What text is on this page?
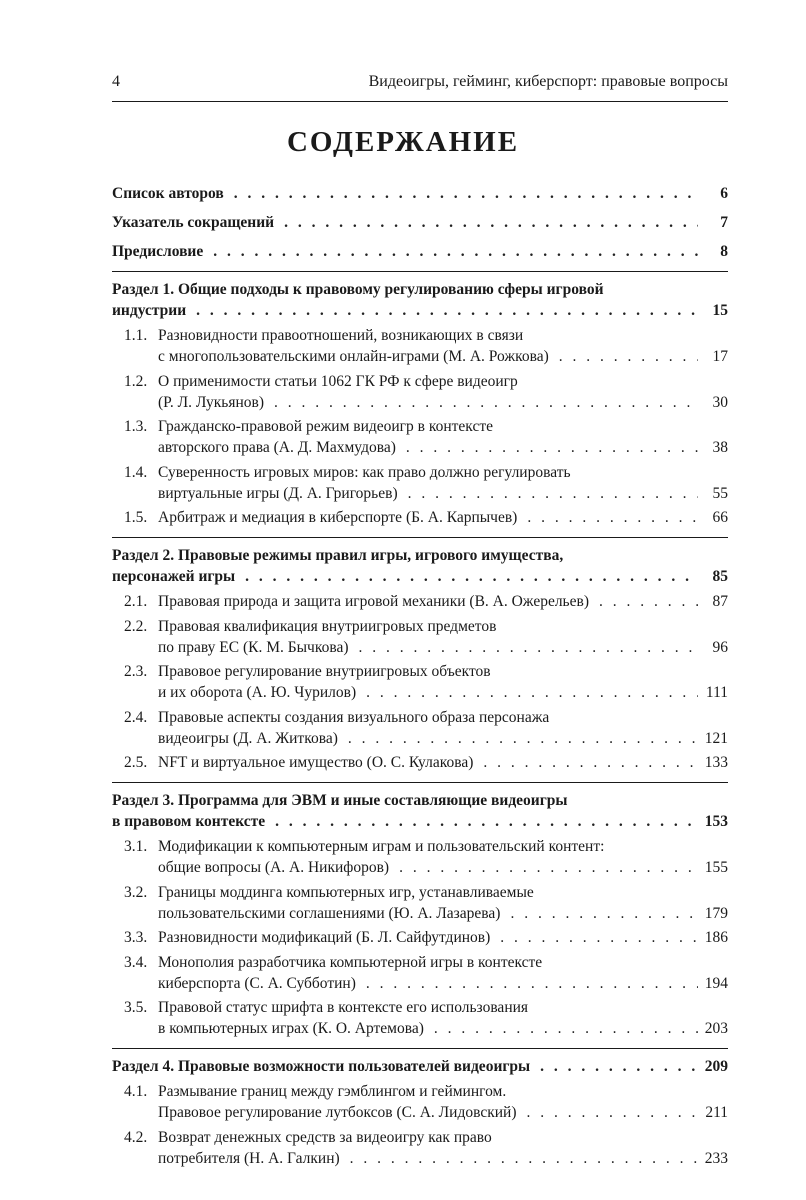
4	Видеоигры, гейминг, киберспорт: правовые вопросы
СОДЕРЖАНИЕ
Список авторов . . .	6
Указатель сокращений . . .	7
Предисловие . . .	8
Раздел 1. Общие подходы к правовому регулированию сферы игровой
индустрии . . .	15
1.1. Разновидности правоотношений, возникающих в связи
с многопользовательскими онлайн-играми (М. А. Рожкова) . . .	17
1.2. О применимости статьи 1062 ГК РФ к сфере видеоигр
(Р. Л. Лукьянов) . . .	30
1.3. Гражданско-правовой режим видеоигр в контексте
авторского права (А. Д. Махмудова) . . .	38
1.4. Суверенность игровых миров: как право должно регулировать
виртуальные игры (Д. А. Григорьев) . . .	55
1.5. Арбитраж и медиация в киберспорте (Б. А. Карпычев) . . .	66
Раздел 2. Правовые режимы правил игры, игрового имущества,
персонажей игры . . .	85
2.1. Правовая природа и защита игровой механики (В. А. Ожерельев) . . .	87
2.2. Правовая квалификация внутриигровых предметов
по праву ЕС (К. М. Бычкова) . . .	96
2.3. Правовое регулирование внутриигровых объектов
и их оборота (А. Ю. Чурилов) . . .	111
2.4. Правовые аспекты создания визуального образа персонажа
видеоигры (Д. А. Житкова) . . .	121
2.5. NFT и виртуальное имущество (О. С. Кулакова) . . .	133
Раздел 3. Программа для ЭВМ и иные составляющие видеоигры
в правовом контексте . . .	153
3.1. Модификации к компьютерным играм и пользовательский контент:
общие вопросы (А. А. Никифоров) . . .	155
3.2. Границы моддинга компьютерных игр, устанавливаемые
пользовательскими соглашениями (Ю. А. Лазарева) . . .	179
3.3. Разновидности модификаций (Б. Л. Сайфутдинов) . . .	186
3.4. Монополия разработчика компьютерной игры в контексте
киберспорта (С. А. Субботин) . . .	194
3.5. Правовой статус шрифта в контексте его использования
в компьютерных играх (К. О. Артемова) . . .	203
Раздел 4. Правовые возможности пользователей видеоигры . . .	209
4.1. Размывание границ между гэмблингом и геймингом.
Правовое регулирование лутбоксов (С. А. Лидовский) . . .	211
4.2. Возврат денежных средств за видеоигру как право
потребителя (Н. А. Галкин) . . .	233
